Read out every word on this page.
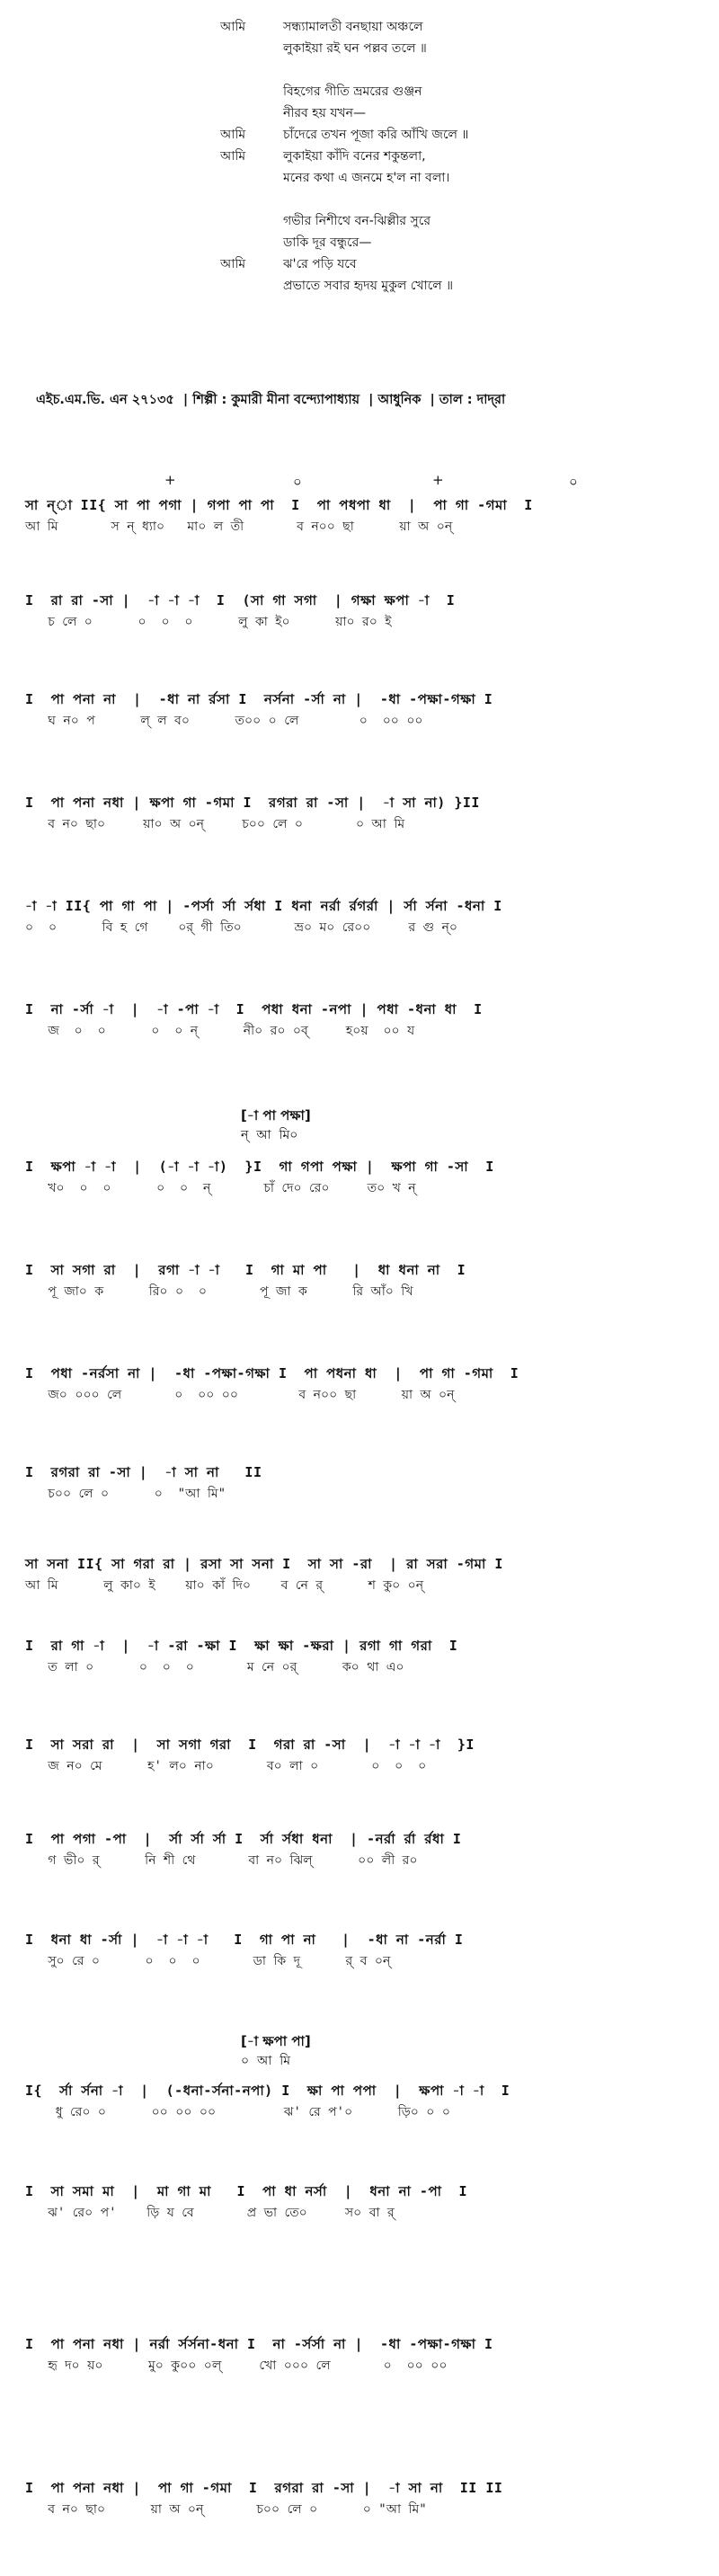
আমি	সন্ধ্যামালতী বনছায়া অঞ্চলে
লুকাইয়া রই ঘন পল্লব তলে ॥
বিহগের গীতি ভ্রমরের গুঞ্জন
নীরব হয় যখন—
আমি	চাঁদেরে তখন পূজা করি আঁখি জলে ॥
আমি	লুকাইয়া কাঁদি বনের শকুন্তলা,
মনের কথা এ জনমে হ'ল না বলা।
গভীর নিশীথে বন-ঝিল্লীর সুরে
ডাকি দূর বন্ধুরে—
আমি	ঝ'রে পড়ি যবে
প্রভাতে সবার হৃদয় মুকুল খোলে ॥
এইচ.এম.ভি. এন ২৭১৩৫ | শিল্পী : কুমারী মীনা বন্দ্যোপাধ্যায় | আধুনিক | তাল : দাদ্‌রা
+	০	+	০
সা ন্‌া II{ সা পা পগা | গপা পা পা  I  পা পধপা ধা  |  পা গা -গমা  I
আ মি       স ন্‌ ধ্যা০   মা০ ল তী       ব ন০০ ছা      য়া অ ০ন্‌
I  রা রা -সা |  -া -া -া  I  (সা গা সগা  | গক্ষা ক্ষপা -া  I
চ লে ০      ০  ০  ০      লু কা ই০      য়া০ র০ ই
I  পা পনা না  |  -ধা না র্রসা I  নর্সনা -র্সা না |  -ধা -পক্ষা-গক্ষা I
ঘ ন০ প      ল্‌ ল ব০      ত০০ ০ লে        ০  ০০ ০০
I  পা পনা নধা | ক্ষপা গা -গমা I  রগরা রা -সা |  -া সা না) }II
ব ন০ ছা০     য়া০ অ ০ন্‌     চ০০ লে ০       ০ আ মি
-া -া II{ পা গা পা | -পর্সা র্সা র্সধা I ধনা নর্রা র্রগর্রা | র্সা র্সনা -ধনা I
০  ০      বি হ গে    ০র্‌ গী তি০       ভ্র০ ম০ রে০০     র গু ন্‌০
I  না -র্সা -া  |  -া -পা -া  I  পধা ধনা -নপা | পধা -ধনা ধা  I
জ  ০  ০      ০  ০ ন্‌      নী০ র০ ০ব্‌     হ০য়  ০০ য
[-া পা পক্ষা]
ন্‌  আ  মি০
I  ক্ষপা -া -া  |  (-া -া -া)  }I  গা গপা পক্ষা |  ক্ষপা গা -সা  I
খ০  ০  ০      ০  ০  ন্‌       চাঁ দে০ রে০     ত০ খ ন্‌
I  সা সগা রা  |  রগা -া -া   I  গা মা পা   |  ধা ধনা না  I
পূ জা০ ক      রি০ ০  ০       পূ জা ক      রি আঁ০ খি
I  পধা -নর্রসা না |  -ধা -পক্ষা-গক্ষা I  পা পধনা ধা  |  পা গা -গমা  I
জ০ ০০০ লে       ০  ০০ ০০        ব ন০০ ছা      য়া অ ০ন্‌
I  রগরা রা -সা |  -া সা না   II
চ০০ লে ০      ০  "আ মি"
সা সনা II{ সা গরা রা | রসা সা সনা I  সা সা -রা  | রা সরা -গমা I
আ মি      লু কা০ ই    য়া০ কাঁ দি০    ব নে র্‌      শ কু০ ০ন্‌
I  রা গা -া  |  -া -রা -ক্ষা I  ক্ষা ক্ষা -ক্ষরা | রগা গা গরা  I
ত লা ০      ০  ০  ০       ম নে ০র্‌      ক০ থা এ০
I  সা সরা রা  |  সা সগা গরা  I  গরা রা -সা  |  -া -া -া  }I
জ ন০ মে      হ' ল০ না০       ব০ লা ০       ০  ০  ০
I  পা পগা -পা  |  র্সা র্সা র্সা I  র্সা র্সধা ধনা  | -নর্রা র্রা র্রধা I
গ ভী০ র্‌      নি শী থে       বা ন০ ঝিল্‌      ০০ লী র০
I  ধনা ধা -র্সা |  -া -া -া   I  গা পা না   |  -ধা না -নর্রা I
সু০ রে ০      ০  ০  ০       ডা কি দূ      র্‌ ব ০ন্‌
[-া ক্ষপা পা]
০  আ  মি
I{  র্সা র্সনা -া  |  (-ধনা-র্সনা-নপা) I  ক্ষা পা পপা  |  ক্ষপা -া -া  I
ধু রে০ ০      ০০ ০০ ০০         ঝ' রে প'০      ড়ি০ ০ ০
I  সা সমা মা  |  মা গা মা   I  পা ধা নর্সা  |  ধনা না -পা  I
ঝ' রে০ প'    ড়ি য বে       প্র ভা তে০     স০ বা র্‌
I  পা পনা নধা | নর্রা র্সর্সনা-ধনা I  না -র্সর্সা না |  -ধা -পক্ষা-গক্ষা I
হৃ দ০ য়০      মু০ কু০০ ০ল্‌     খো ০০০ লে       ০  ০০ ০০
I  পা পনা নধা |  পা গা -গমা  I  রগরা রা -সা |  -া সা না  II II
ব ন০ ছা০      য়া অ ০ন্‌       চ০০ লে ০      ০ "আ মি"
